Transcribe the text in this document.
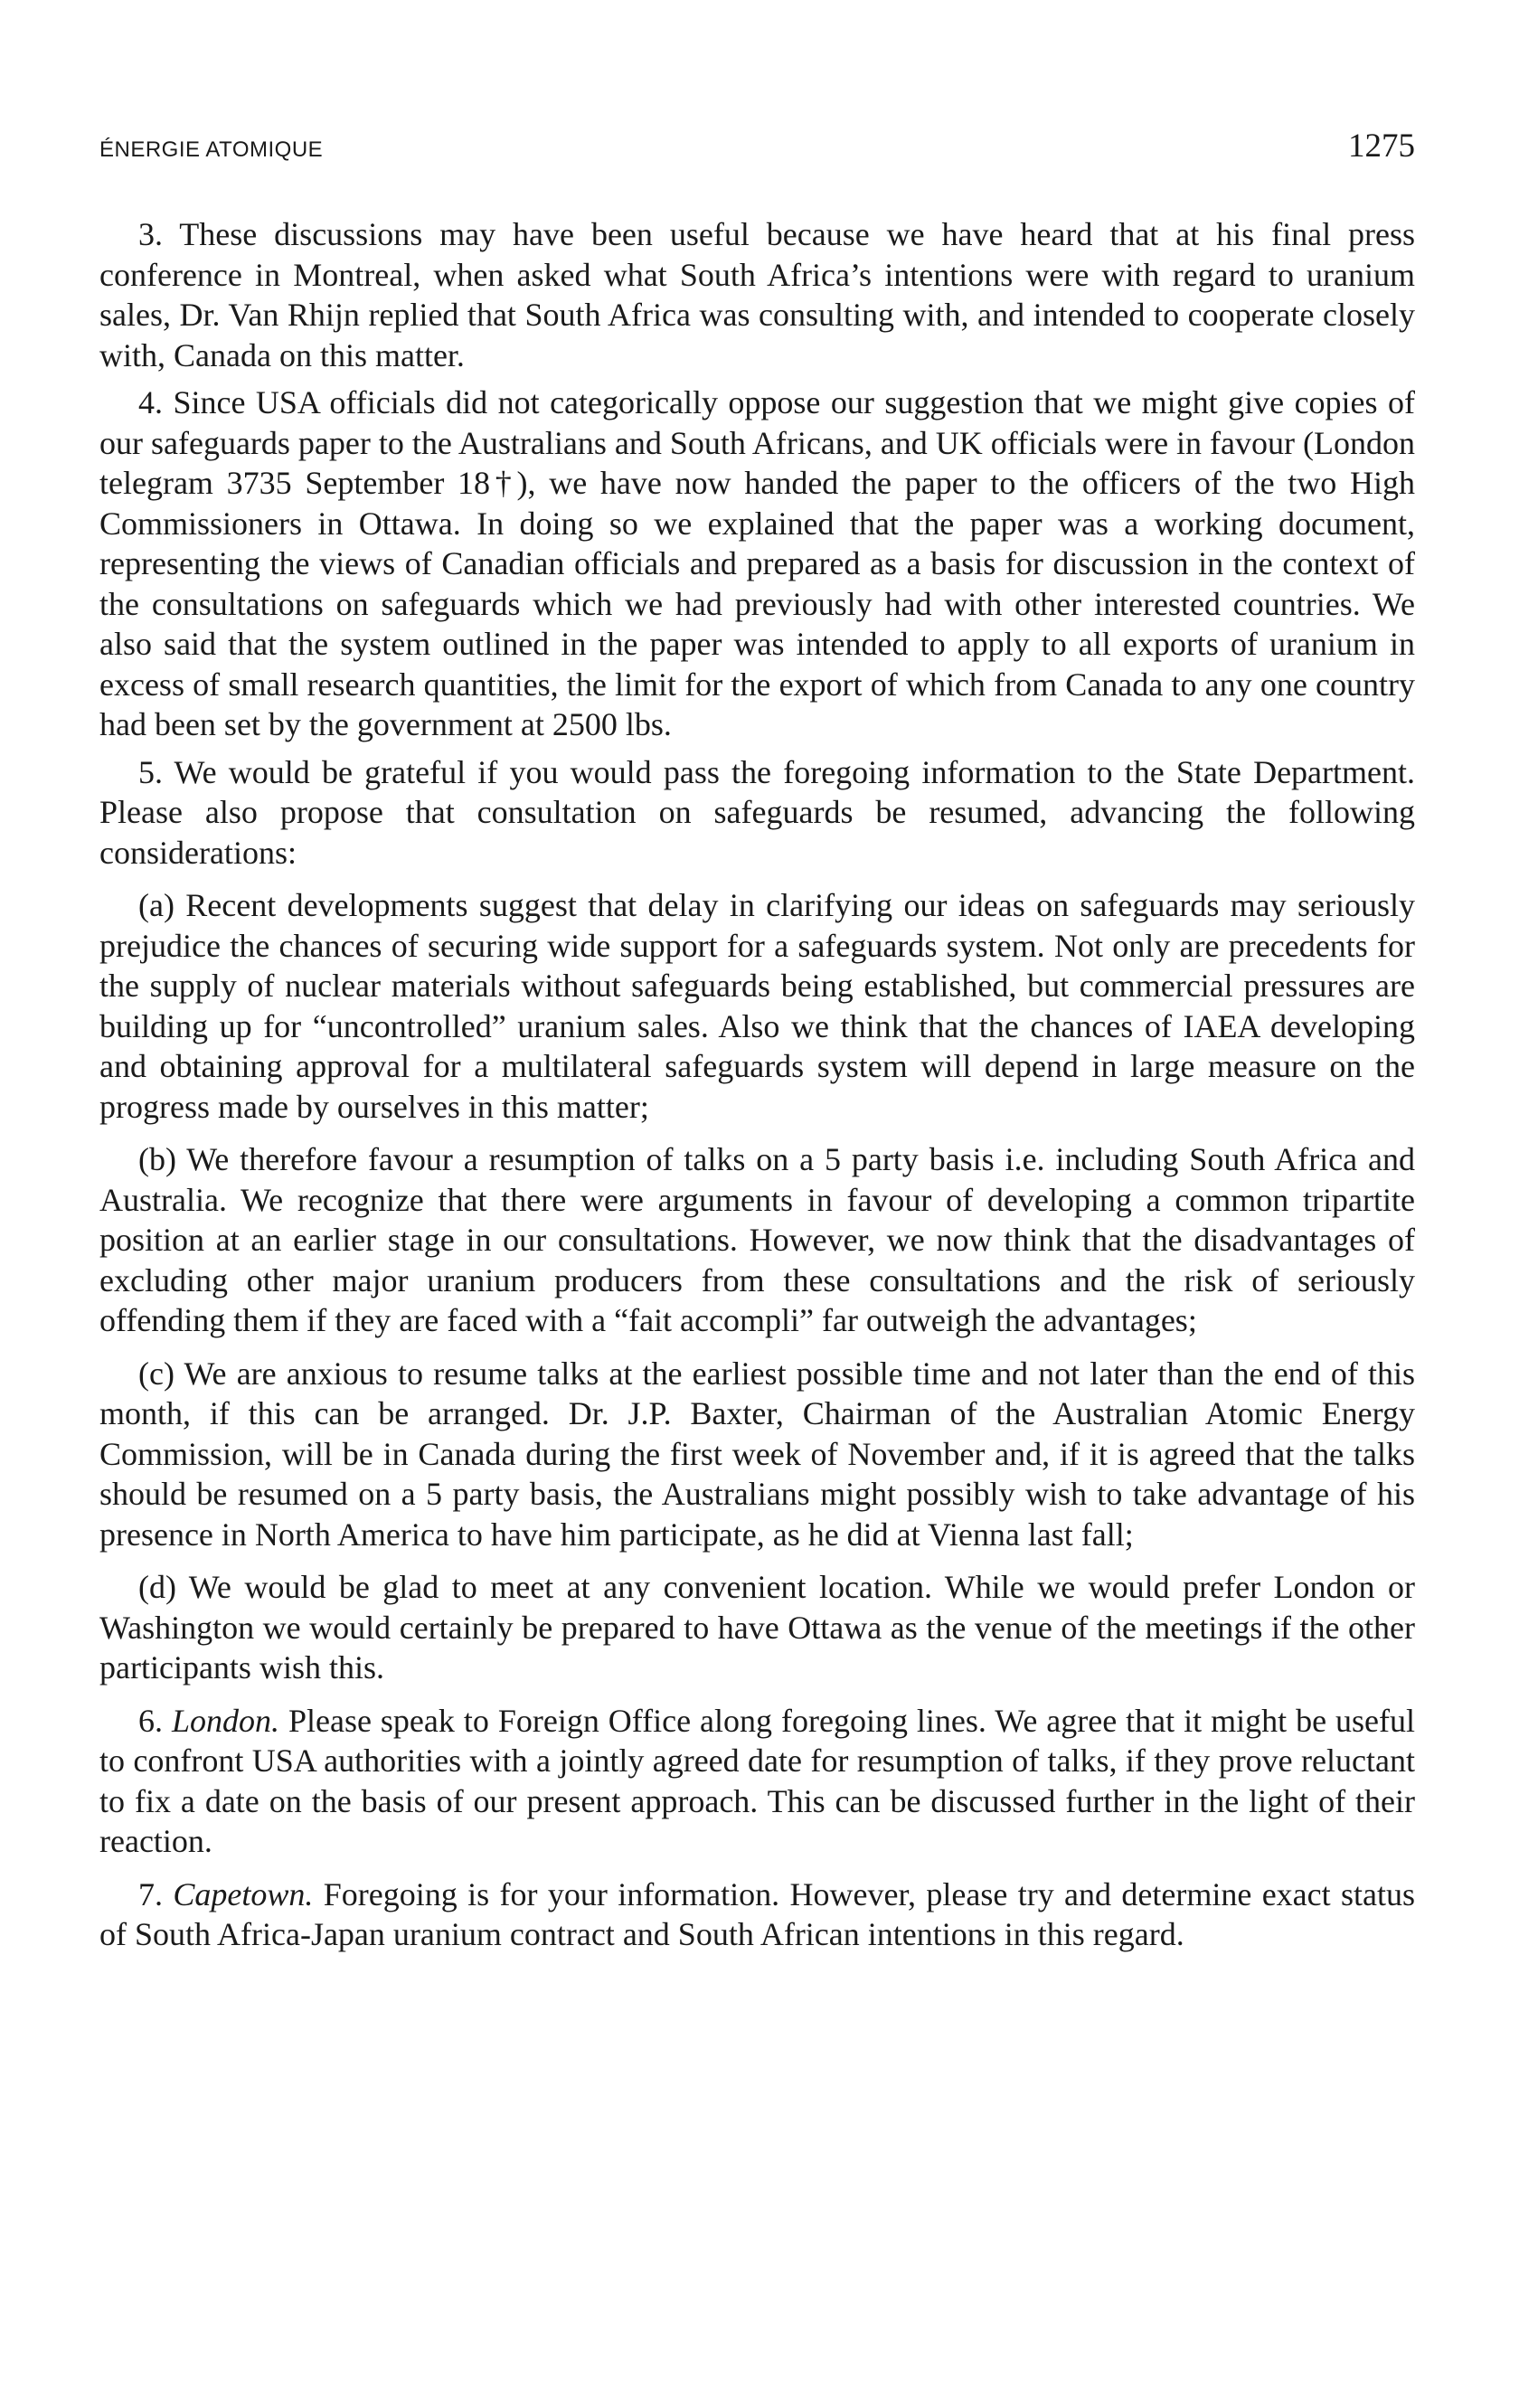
ÉNERGIE ATOMIQUE	1275

3. These discussions may have been useful because we have heard that at his final press conference in Montreal, when asked what South Africa’s intentions were with regard to uranium sales, Dr. Van Rhijn replied that South Africa was consulting with, and intended to cooperate closely with, Canada on this matter.

4. Since USA officials did not categorically oppose our suggestion that we might give copies of our safeguards paper to the Australians and South Africans, and UK officials were in favour (London telegram 3735 September 18†), we have now handed the paper to the officers of the two High Commissioners in Ottawa. In doing so we explained that the paper was a working document, representing the views of Canadian officials and prepared as a basis for discussion in the context of the consultations on safeguards which we had previously had with other interested countries. We also said that the system outlined in the paper was intended to apply to all exports of uranium in excess of small research quantities, the limit for the export of which from Canada to any one country had been set by the government at 2500 lbs.

5. We would be grateful if you would pass the foregoing information to the State Department. Please also propose that consultation on safeguards be resumed, advancing the following considerations:

(a) Recent developments suggest that delay in clarifying our ideas on safeguards may seriously prejudice the chances of securing wide support for a safeguards system. Not only are precedents for the supply of nuclear materials without safeguards being established, but commercial pressures are building up for “uncontrolled” uranium sales. Also we think that the chances of IAEA developing and obtaining approval for a multilateral safeguards system will depend in large measure on the progress made by ourselves in this matter;

(b) We therefore favour a resumption of talks on a 5 party basis i.e. including South Africa and Australia. We recognize that there were arguments in favour of developing a common tripartite position at an earlier stage in our consultations. However, we now think that the disadvantages of excluding other major uranium producers from these consultations and the risk of seriously offending them if they are faced with a “fait accompli” far outweigh the advantages;

(c) We are anxious to resume talks at the earliest possible time and not later than the end of this month, if this can be arranged. Dr. J.P. Baxter, Chairman of the Australian Atomic Energy Commission, will be in Canada during the first week of November and, if it is agreed that the talks should be resumed on a 5 party basis, the Australians might possibly wish to take advantage of his presence in North America to have him participate, as he did at Vienna last fall;

(d) We would be glad to meet at any convenient location. While we would prefer London or Washington we would certainly be prepared to have Ottawa as the venue of the meetings if the other participants wish this.

6. London. Please speak to Foreign Office along foregoing lines. We agree that it might be useful to confront USA authorities with a jointly agreed date for resumption of talks, if they prove reluctant to fix a date on the basis of our present approach. This can be discussed further in the light of their reaction.

7. Capetown. Foregoing is for your information. However, please try and determine exact status of South Africa-Japan uranium contract and South African intentions in this regard.
